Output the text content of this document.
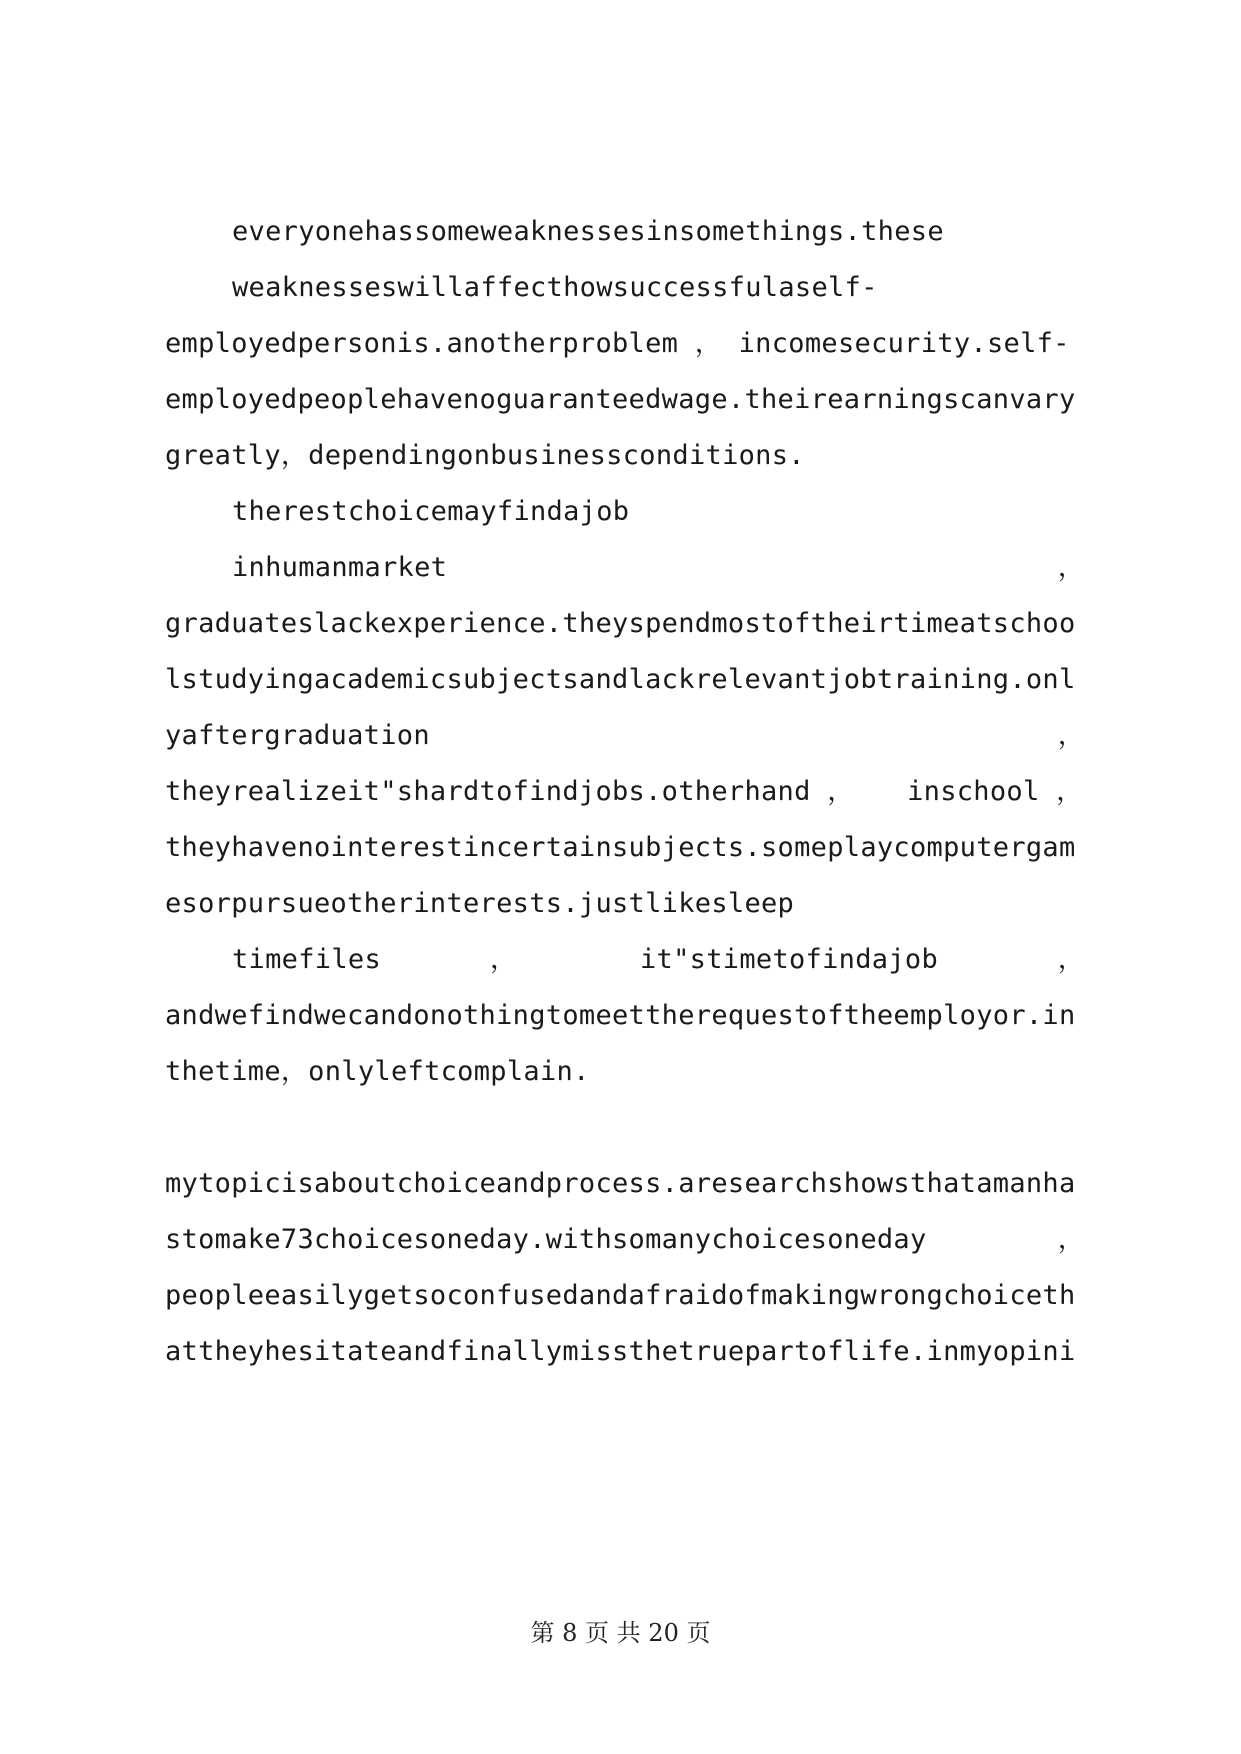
everyonehassomeweaknessesinsomethings.these
weaknesseswillaffecthowsuccessfulaself-
employedpersonis.anotherproblem ， incomesecurity.self-
employedpeoplehavenoguaranteedwage.theirearningscanvary
greatly，dependingonbusinessconditions.
therestchoicemayfindajob
inhumanmarket	，
graduateslackexperience.theyspendmostoftheirtimeatschoo
lstudyingacademicsubjectsandlackrelevantjobtraining.onl
yaftergraduation	，
theyrealizeit"shardtofindjobs.otherhand ， inschool ，
theyhavenointerestincertainsubjects.someplaycomputergam
esorpursueotherinterests.justlikesleep
timefiles	，	it"stimetofindajob	，
andwefindwecandonothingtomeettherequestoftheemployor.in
thetime，onlyleftcomplain.
mytopicisaboutchoiceandprocess.aresearchshowsthatamanha
stomake73choicesoneday.withsomanychoicesoneday	，
peopleeasilygetsoconfusedandafraidofmakingwrongchoiceth
attheyhesitateandfinallymissthetruepartoflife.inmyopini
第 8 页 共 20 页
